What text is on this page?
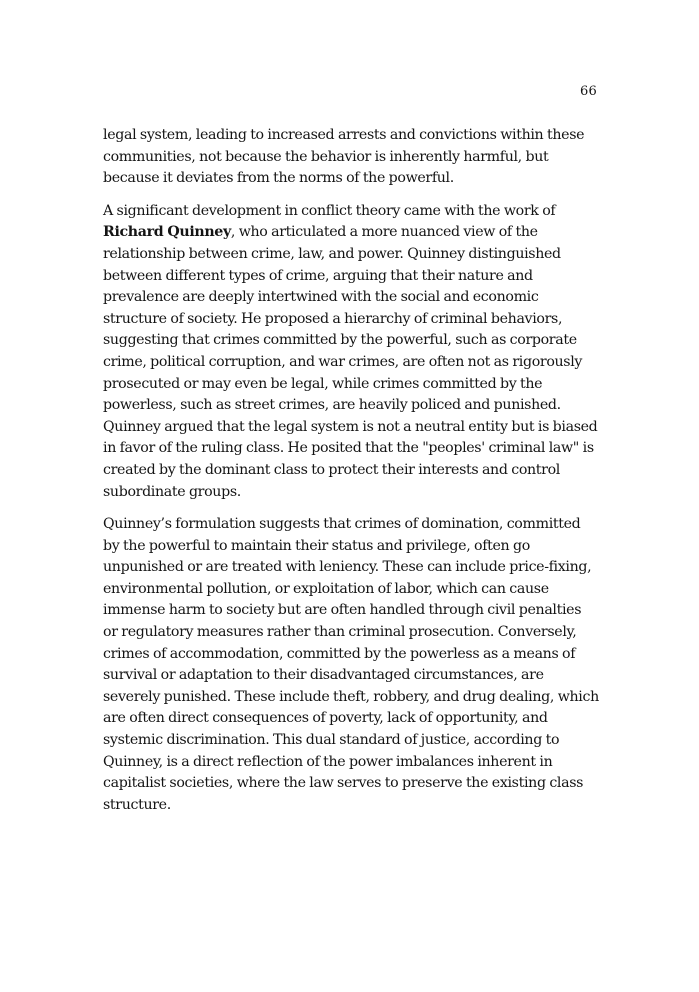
66

legal system, leading to increased arrests and convictions within these
communities, not because the behavior is inherently harmful, but
because it deviates from the norms of the powerful.

A significant development in conflict theory came with the work of
Richard Quinney, who articulated a more nuanced view of the
relationship between crime, law, and power. Quinney distinguished
between different types of crime, arguing that their nature and
prevalence are deeply intertwined with the social and economic
structure of society. He proposed a hierarchy of criminal behaviors,
suggesting that crimes committed by the powerful, such as corporate
crime, political corruption, and war crimes, are often not as rigorously
prosecuted or may even be legal, while crimes committed by the
powerless, such as street crimes, are heavily policed and punished.
Quinney argued that the legal system is not a neutral entity but is biased
in favor of the ruling class. He posited that the "peoples' criminal law" is
created by the dominant class to protect their interests and control
subordinate groups.

Quinney’s formulation suggests that crimes of domination, committed
by the powerful to maintain their status and privilege, often go
unpunished or are treated with leniency. These can include price-fixing,
environmental pollution, or exploitation of labor, which can cause
immense harm to society but are often handled through civil penalties
or regulatory measures rather than criminal prosecution. Conversely,
crimes of accommodation, committed by the powerless as a means of
survival or adaptation to their disadvantaged circumstances, are
severely punished. These include theft, robbery, and drug dealing, which
are often direct consequences of poverty, lack of opportunity, and
systemic discrimination. This dual standard of justice, according to
Quinney, is a direct reflection of the power imbalances inherent in
capitalist societies, where the law serves to preserve the existing class
structure.
